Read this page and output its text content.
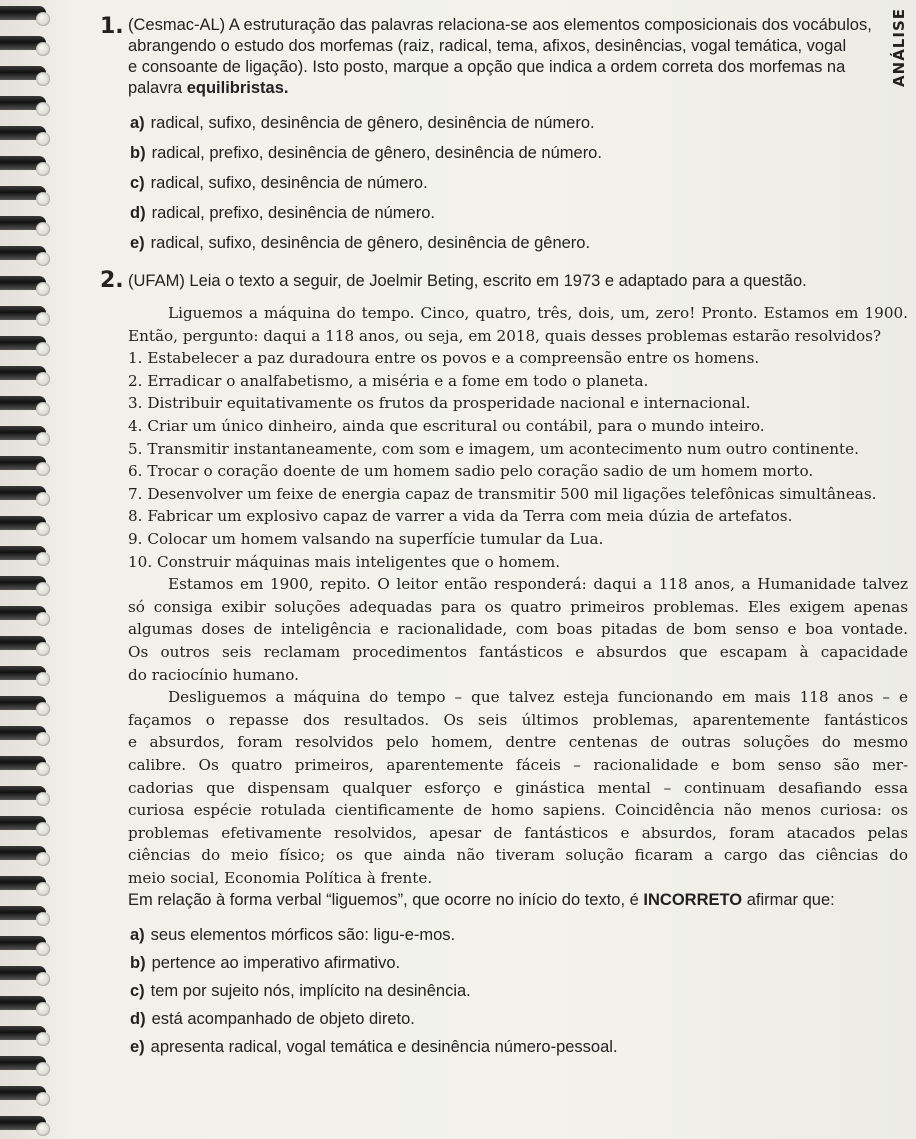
ANÁLISE
1. (Cesmac-AL) A estruturação das palavras relaciona-se aos elementos composicionais dos vocábulos,
abrangendo o estudo dos morfemas (raiz, radical, tema, afixos, desinências, vogal temática, vogal
e consoante de ligação). Isto posto, marque a opção que indica a ordem correta dos morfemas na
palavra equilibristas.
a) radical, sufixo, desinência de gênero, desinência de número.
b) radical, prefixo, desinência de gênero, desinência de número.
c) radical, sufixo, desinência de número.
d) radical, prefixo, desinência de número.
e) radical, sufixo, desinência de gênero, desinência de gênero.
2. (UFAM) Leia o texto a seguir, de Joelmir Beting, escrito em 1973 e adaptado para a questão.
Liguemos a máquina do tempo. Cinco, quatro, três, dois, um, zero! Pronto. Estamos em 1900.
Então, pergunto: daqui a 118 anos, ou seja, em 2018, quais desses problemas estarão resolvidos?
1. Estabelecer a paz duradoura entre os povos e a compreensão entre os homens.
2. Erradicar o analfabetismo, a miséria e a fome em todo o planeta.
3. Distribuir equitativamente os frutos da prosperidade nacional e internacional.
4. Criar um único dinheiro, ainda que escritural ou contábil, para o mundo inteiro.
5. Transmitir instantaneamente, com som e imagem, um acontecimento num outro continente.
6. Trocar o coração doente de um homem sadio pelo coração sadio de um homem morto.
7. Desenvolver um feixe de energia capaz de transmitir 500 mil ligações telefônicas simultâneas.
8. Fabricar um explosivo capaz de varrer a vida da Terra com meia dúzia de artefatos.
9. Colocar um homem valsando na superfície tumular da Lua.
10. Construir máquinas mais inteligentes que o homem.
Estamos em 1900, repito. O leitor então responderá: daqui a 118 anos, a Humanidade talvez
só consiga exibir soluções adequadas para os quatro primeiros problemas. Eles exigem apenas
algumas doses de inteligência e racionalidade, com boas pitadas de bom senso e boa vontade.
Os outros seis reclamam procedimentos fantásticos e absurdos que escapam à capacidade
do raciocínio humano.
Desliguemos a máquina do tempo – que talvez esteja funcionando em mais 118 anos – e
façamos o repasse dos resultados. Os seis últimos problemas, aparentemente fantásticos
e absurdos, foram resolvidos pelo homem, dentre centenas de outras soluções do mesmo
calibre. Os quatro primeiros, aparentemente fáceis – racionalidade e bom senso são mer-
cadorias que dispensam qualquer esforço e ginástica mental – continuam desafiando essa
curiosa espécie rotulada cientificamente de homo sapiens. Coincidência não menos curiosa: os
problemas efetivamente resolvidos, apesar de fantásticos e absurdos, foram atacados pelas
ciências do meio físico; os que ainda não tiveram solução ficaram a cargo das ciências do
meio social, Economia Política à frente.
Em relação à forma verbal “liguemos”, que ocorre no início do texto, é INCORRETO afirmar que:
a) seus elementos mórficos são: ligu-e-mos.
b) pertence ao imperativo afirmativo.
c) tem por sujeito nós, implícito na desinência.
d) está acompanhado de objeto direto.
e) apresenta radical, vogal temática e desinência número-pessoal.
